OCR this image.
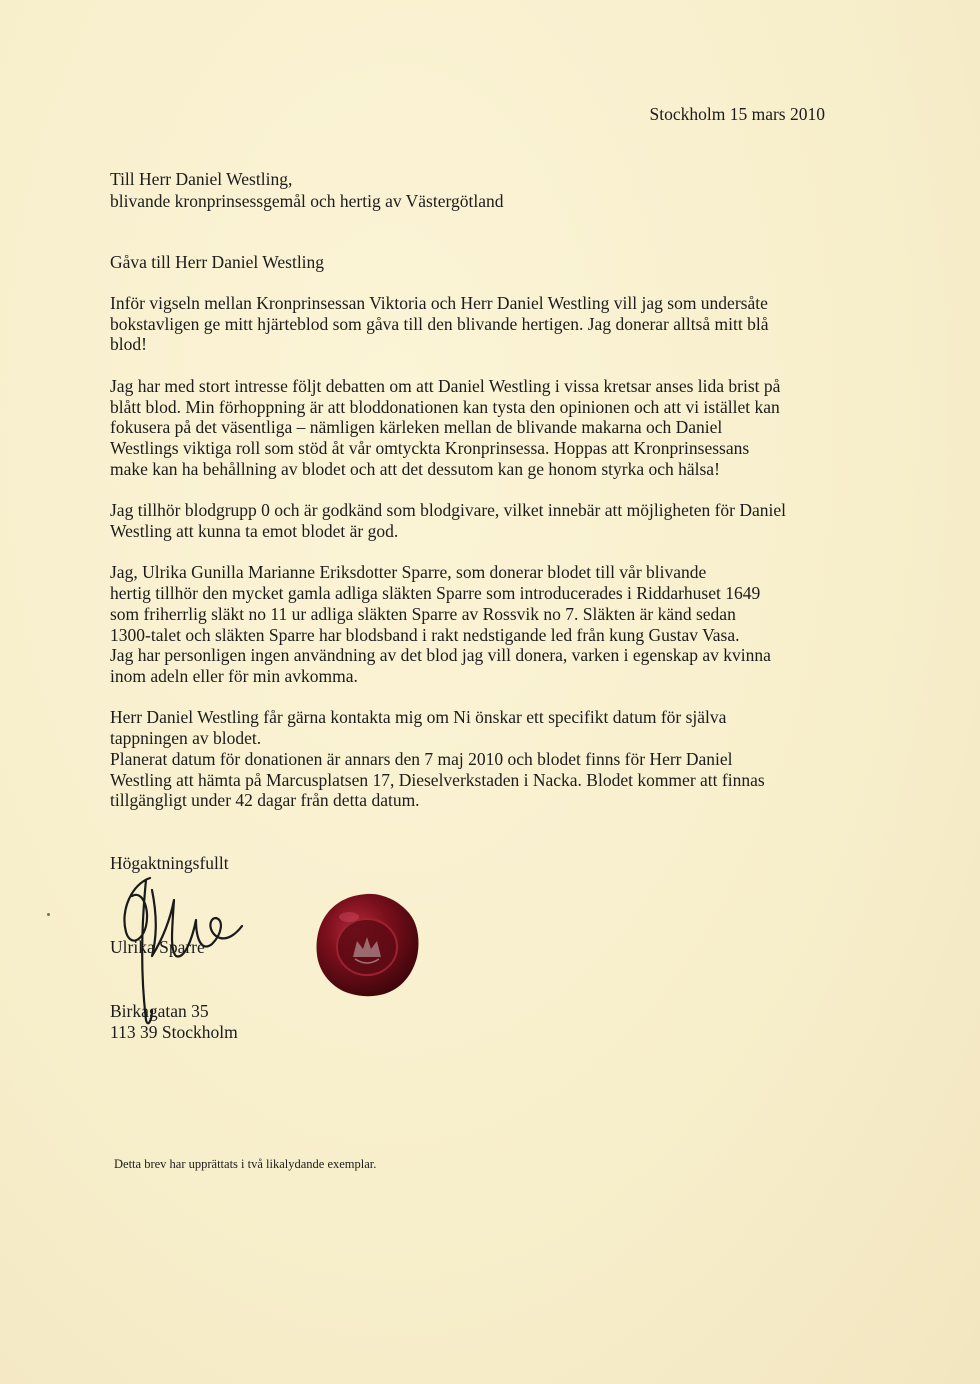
Stockholm 15 mars 2010
Till Herr Daniel Westling,
blivande kronprinsessgemål och hertig av Västergötland
Gåva till Herr Daniel Westling

Inför vigseln mellan Kronprinsessan Viktoria och Herr Daniel Westling vill jag som undersåte
bokstavligen ge mitt hjärteblod som gåva till den blivande hertigen. Jag donerar alltså mitt blå
blod!

Jag har med stort intresse följt debatten om att Daniel Westling i vissa kretsar anses lida brist på
blått blod. Min förhoppning är att bloddonationen kan tysta den opinionen och att vi istället kan
fokusera på det väsentliga – nämligen kärleken mellan de blivande makarna och Daniel
Westlings viktiga roll som stöd åt vår omtyckta Kronprinsessa. Hoppas att Kronprinsessans
make kan ha behållning av blodet och att det dessutom kan ge honom styrka och hälsa!

Jag tillhör blodgrupp 0 och är godkänd som blodgivare, vilket innebär att möjligheten för Daniel
Westling att kunna ta emot blodet är god.

Jag, Ulrika Gunilla Marianne Eriksdotter Sparre, som donerar blodet till vår blivande
hertig tillhör den mycket gamla adliga släkten Sparre som introducerades i Riddarhuset 1649
som friherrlig släkt no 11 ur adliga släkten Sparre av Rossvik no 7. Släkten är känd sedan
1300-talet och släkten Sparre har blodsband i rakt nedstigande led från kung Gustav Vasa.
Jag har personligen ingen användning av det blod jag vill donera, varken i egenskap av kvinna
inom adeln eller för min avkomma.

Herr Daniel Westling får gärna kontakta mig om Ni önskar ett specifikt datum för själva
tappningen av blodet.
Planerat datum för donationen är annars den 7 maj 2010 och blodet finns för Herr Daniel
Westling att hämta på Marcusplatsen 17, Dieselverkstaden i Nacka. Blodet kommer att finnas
tillgängligt under 42 dagar från detta datum.

Högaktningsfullt
Ulrika Sparre
Birkagatan 35
113 39 Stockholm
Detta brev har upprättats i två likalydande exemplar.
